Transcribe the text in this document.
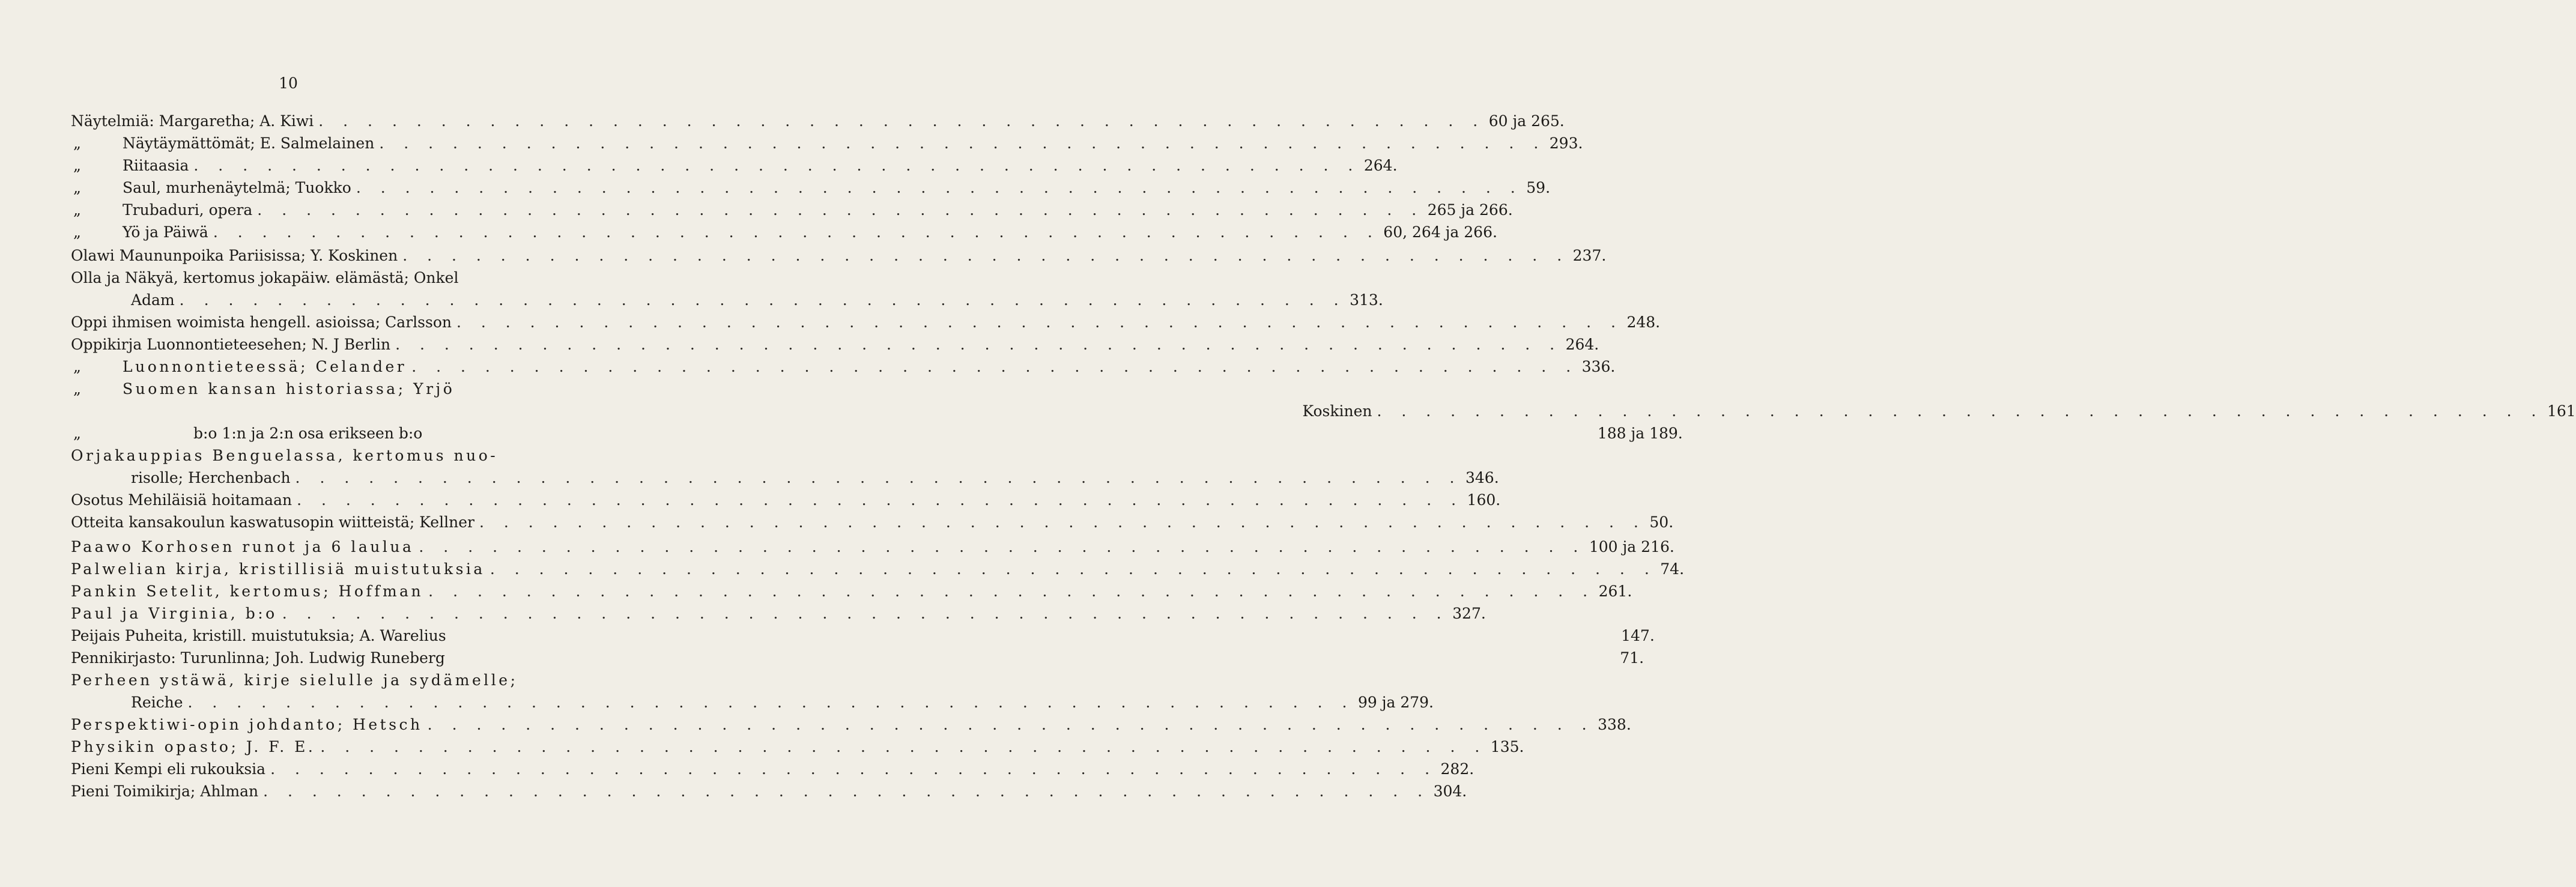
10
Näytelmiä: Margaretha; A. Kiwi . . .	60 ja 265.
„	Näytäymättömät; E. Salmelainen . . .	293.
„	Riitaasia . . .	264.
„	Saul, murhenäytelmä; Tuokko . . .	59.
„	Trubaduri, opera . . .	265 ja 266.
„	Yö ja Päiwä . . .	60, 264 ja 266.
Olawi Maununpoika Pariisissa; Y. Koskinen . . .	237.
Olla ja Näkyä, kertomus jokapäiw. elämästä; Onkel
Adam . . .	313.
Oppi ihmisen woimista hengell. asioissa; Carlsson . . .	248.
Oppikirja Luonnontieteesehen; N. J Berlin . . .	264.
„	Luonnontieteessä; Celander . . .	336.
„	Suomen kansan historiassa; Yrjö
Koskinen . . .	161
„	b:o 1:n ja 2:n osa erikseen b:o	188 ja 189.
Orjakauppias Benguelassa, kertomus nuo-
risolle; Herchenbach . . .	346.
Osotus Mehiläisiä hoitamaan . . .	160.
Otteita kansakoulun kaswatusopin wiitteistä; Kellner . . .	50.
Paawo Korhosen runot ja 6 laulua . . .	100 ja 216.
Palwelian kirja, kristillisiä muistutuksia . . .	74.
Pankin Setelit, kertomus; Hoffman . . .	261.
Paul ja Virginia, b:o . . .	327.
Peijais Puheita, kristill. muistutuksia; A. Warelius	147.
Pennikirjasto: Turunlinna; Joh. Ludwig Runeberg	71.
Perheen ystäwä, kirje sielulle ja sydämelle;
Reiche . . .	99 ja 279.
Perspektiwi-opin johdanto; Hetsch . . .	338.
Physikin opasto; J. F. E. . . .	135.
Pieni Kempi eli rukouksia . . .	282.
Pieni Toimikirja; Ahlman . . .	304.
